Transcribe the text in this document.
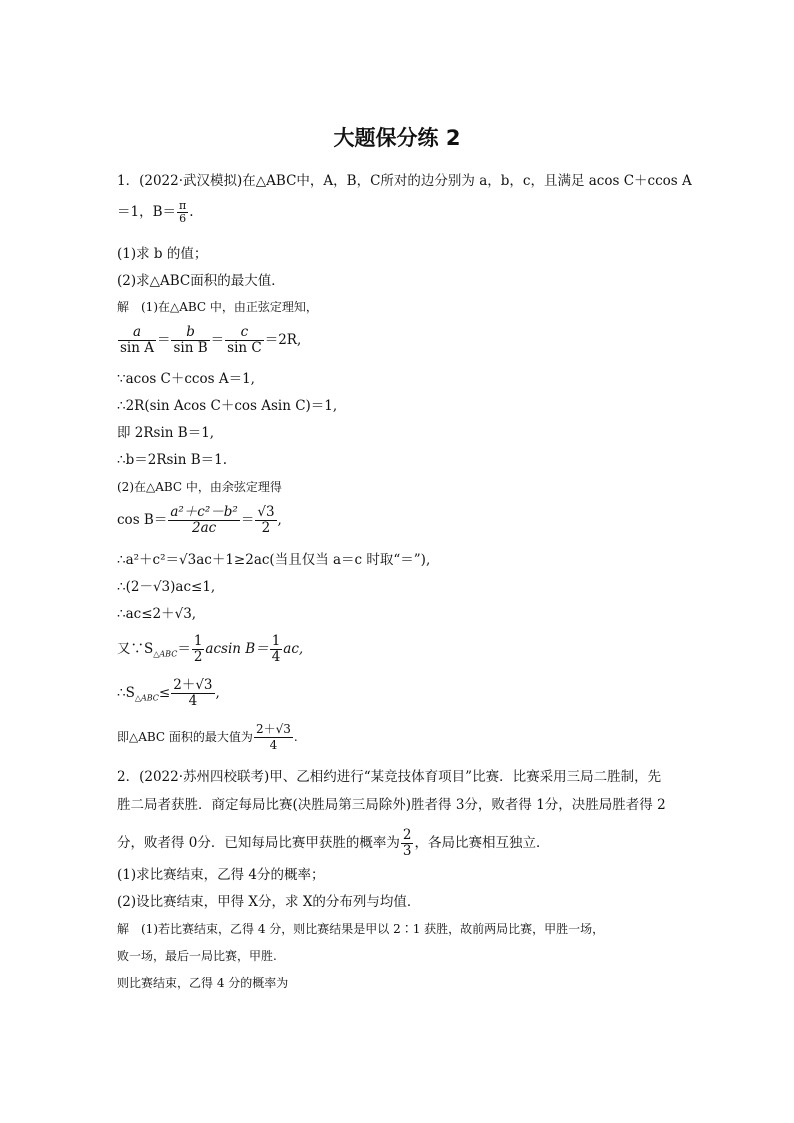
大题保分练 2
1．(2022·武汉模拟)在△ABC中，A，B，C所对的边分别为 a，b，c，且满足 acos C＋ccos A
＝1，$B= \frac{\pi}{6}$ .
(1)求 b 的值；
(2)求△ABC面积的最大值．
解　(1)在△ABC 中，由正弦定理知，
$\frac{a}{\text{sin A}} = \frac{b}{\text{sin B}} = \frac{c}{\text{sin C}} =2R$,
∵acos C＋ccos A＝1,
∴2R(sin Acos C＋cos Asin C)＝1,
即 2Rsin B＝1,
∴b＝2Rsin B＝1.
(2)在△ABC 中，由余弦定理得
$\cos B= \frac{\text{a²＋c²－b²}}{2ac} = \frac{√3}{2}$ ,
∴a²＋c²＝√3ac＋1≥2ac(当且仅当 a＝c 时取“＝”),
∴(2－√3)ac≤1,
∴ac≤2＋√3,
又$\because S_{\triangle ABC}= \frac{1}{2}$ acsin $B= \frac{1}{4}$ ac,
$\therefore S_{\triangle ABC}\le \frac{2+√3}{4}$ ,
即△ABC 面积的最大值为 $\frac{2+√3}{4}$ .
2．(2022·苏州四校联考)甲、乙相约进行“某竞技体育项目”比赛．比赛采用三局二胜制，先
胜二局者获胜．商定每局比赛(决胜局第三局除外)胜者得 3分，败者得 1分，决胜局胜者得 2
分，败者得 0分．已知每局比赛甲获胜的概率为 $\frac{2}{3}$ ，各局比赛相互独立．
(1)求比赛结束，乙得 4分的概率；
(2)设比赛结束，甲得 X分，求 X的分布列与均值．
解　(1)若比赛结束，乙得 4 分，则比赛结果是甲以 2∶1 获胜，故前两局比赛，甲胜一场，
败一场，最后一局比赛，甲胜.
则比赛结束，乙得 4 分的概率为
